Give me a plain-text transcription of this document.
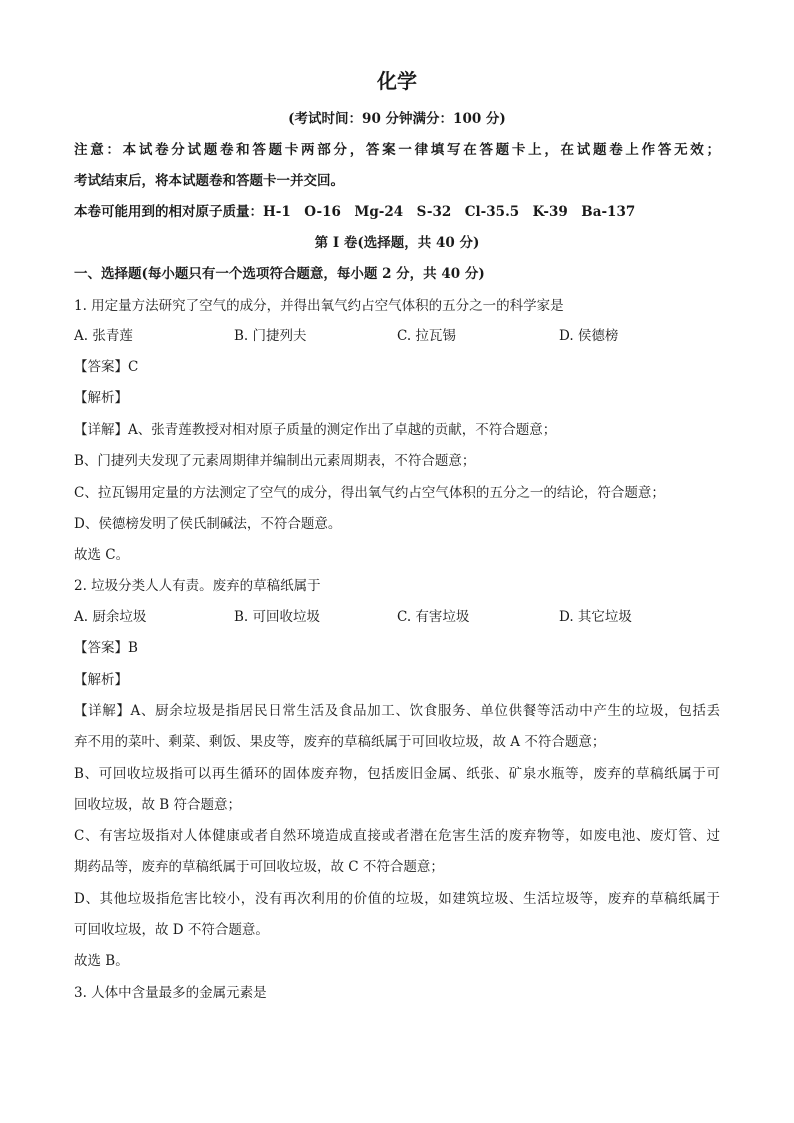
化学
(考试时间：90 分钟满分：100 分)
注意：本试卷分试题卷和答题卡两部分，答案一律填写在答题卡上，在试题卷上作答无效；
考试结束后，将本试题卷和答题卡一并交回。
本卷可能用到的相对原子质量：H-1　O-16　Mg-24　S-32　Cl-35.5　K-39　Ba-137
第 I 卷(选择题，共 40 分)
一、选择题(每小题只有一个选项符合题意，每小题 2 分，共 40 分)
1. 用定量方法研究了空气的成分，并得出氧气约占空气体积的五分之一的科学家是
A. 张青莲	B. 门捷列夫	C. 拉瓦锡	D. 侯德榜
【答案】C
【解析】
【详解】A、张青莲教授对相对原子质量的测定作出了卓越的贡献，不符合题意；
B、门捷列夫发现了元素周期律并编制出元素周期表，不符合题意；
C、拉瓦锡用定量的方法测定了空气的成分，得出氧气约占空气体积的五分之一的结论，符合题意；
D、侯德榜发明了侯氏制碱法，不符合题意。
故选 C。
2. 垃圾分类人人有责。废弃的草稿纸属于
A. 厨余垃圾	B. 可回收垃圾	C. 有害垃圾	D. 其它垃圾
【答案】B
【解析】
【详解】A、厨余垃圾是指居民日常生活及食品加工、饮食服务、单位供餐等活动中产生的垃圾，包括丢
弃不用的菜叶、剩菜、剩饭、果皮等，废弃的草稿纸属于可回收垃圾，故 A 不符合题意；
B、可回收垃圾指可以再生循环的固体废弃物，包括废旧金属、纸张、矿泉水瓶等，废弃的草稿纸属于可
回收垃圾，故 B 符合题意；
C、有害垃圾指对人体健康或者自然环境造成直接或者潜在危害生活的废弃物等，如废电池、废灯管、过
期药品等，废弃的草稿纸属于可回收垃圾，故 C 不符合题意；
D、其他垃圾指危害比较小，没有再次利用的价值的垃圾，如建筑垃圾、生活垃圾等，废弃的草稿纸属于
可回收垃圾，故 D 不符合题意。
故选 B。
3. 人体中含量最多的金属元素是
